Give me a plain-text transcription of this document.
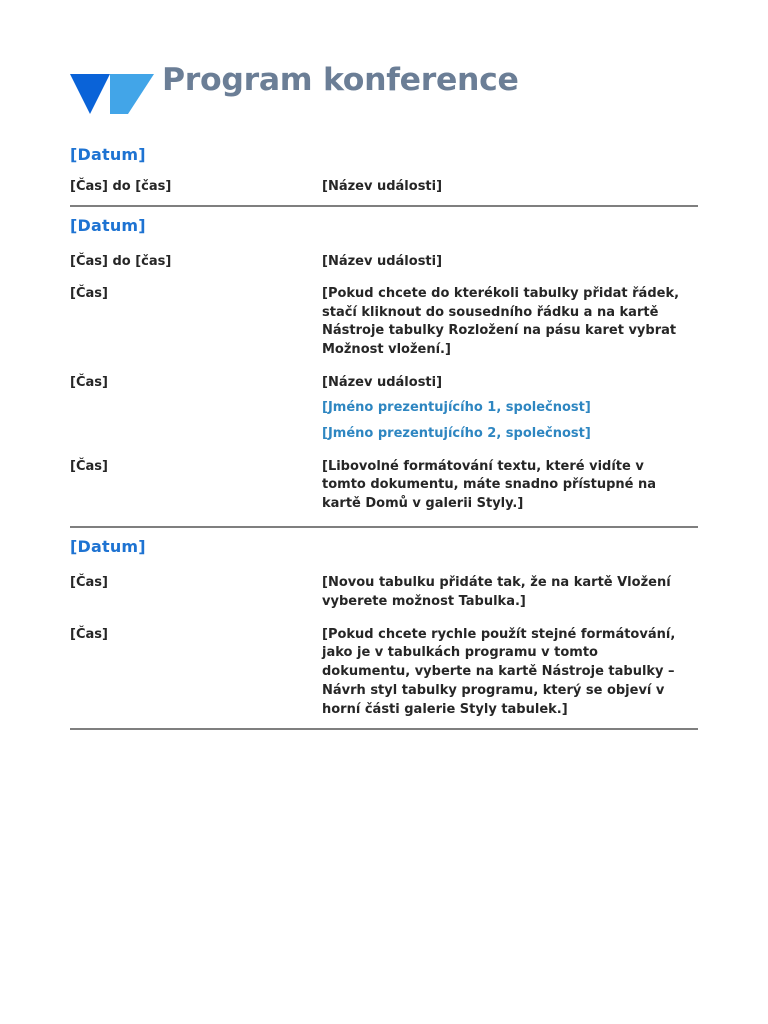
Program konference
[Datum]
[Čas] do [čas]	[Název události]
[Datum]
[Čas] do [čas]	[Název události]
[Čas]	[Pokud chcete do kterékoli tabulky přidat řádek, stačí kliknout do sousedního řádku a na kartě Nástroje tabulky Rozložení na pásu karet vybrat Možnost vložení.]
[Čas]	[Název události]
[Jméno prezentujícího 1, společnost]
[Jméno prezentujícího 2, společnost]
[Čas]	[Libovolné formátování textu, které vidíte v tomto dokumentu, máte snadno přístupné na kartě Domů v galerii Styly.]
[Datum]
[Čas]	[Novou tabulku přidáte tak, že na kartě Vložení vyberete možnost Tabulka.]
[Čas]	[Pokud chcete rychle použít stejné formátování, jako je v tabulkách programu v tomto dokumentu, vyberte na kartě Nástroje tabulky – Návrh styl tabulky programu, který se objeví v horní části galerie Styly tabulek.]
